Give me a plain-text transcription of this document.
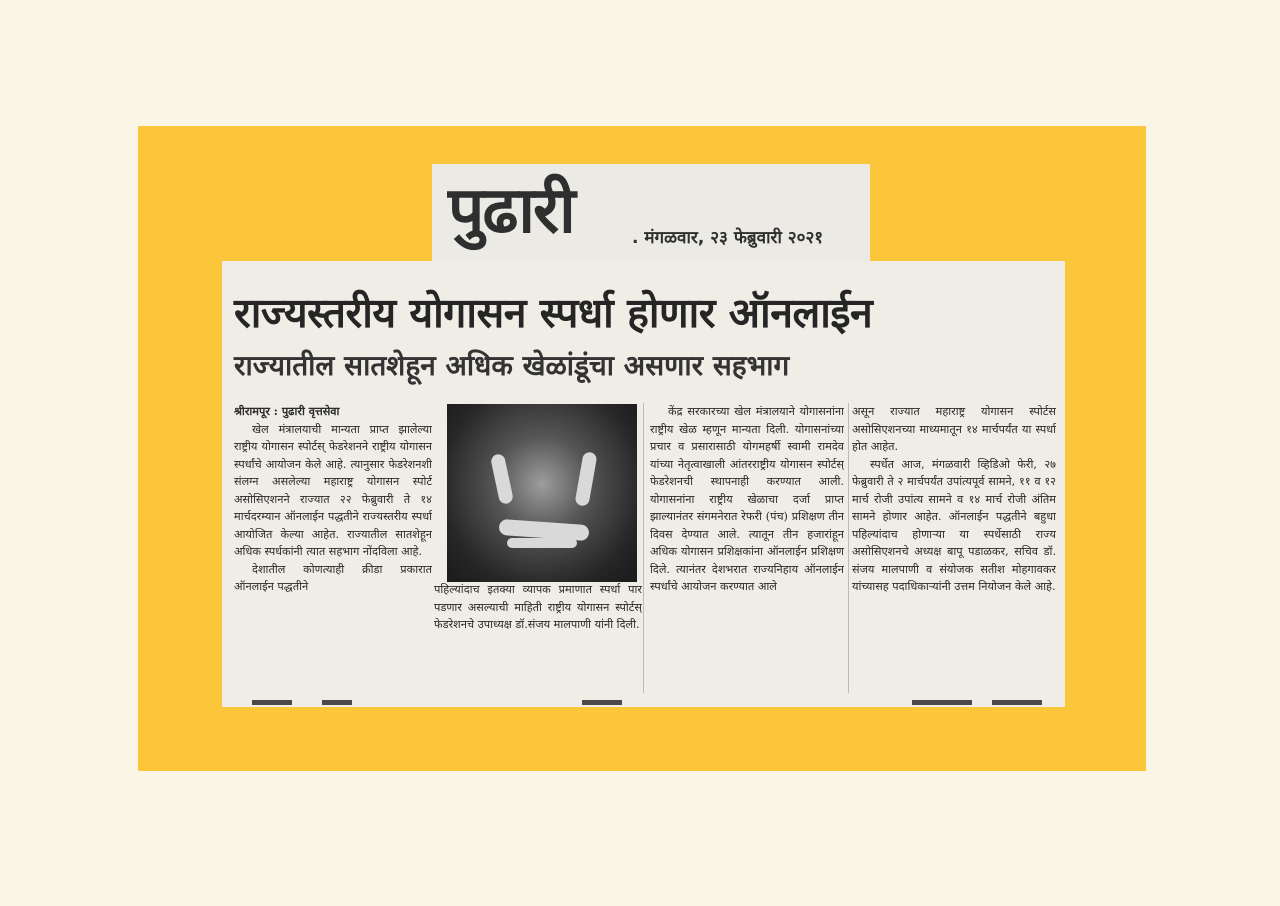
पुढारी	. मंगळवार, २३ फेब्रुवारी २०२१
राज्यस्तरीय योगासन स्पर्धा होणार ऑनलाईन
राज्यातील सातशेहून अधिक खेळांडूंचा असणार सहभाग

श्रीरामपूर : पुढारी वृत्तसेवा

खेल मंत्रालयाची मान्यता प्राप्त झालेल्या राष्ट्रीय योगासन स्पोर्टस् फेडरेशनने राष्ट्रीय योगासन स्पर्धांचे आयोजन केले आहे. त्यानुसार फेडरेशनशी संलग्न असलेल्या महाराष्ट्र योगासन स्पोर्ट असोसिएशनने राज्यात २२ फेब्रुवारी ते १४ मार्चदरम्यान ऑनलाईन पद्धतीने राज्यस्तरीय स्पर्धा आयोजित केल्या आहेत. राज्यातील सातशेहून अधिक स्पर्धकांनी त्यात सहभाग नोंदविला आहे.

देशातील कोणत्याही क्रीडा प्रकारात ऑनलाईन पद्धतीने	पहिल्यांदाच इतक्या व्यापक प्रमाणात स्पर्धा पार पडणार असल्याची माहिती राष्ट्रीय योगासन स्पोर्टस् फेडरेशनचे उपाध्यक्ष डॉ.संजय मालपाणी यांनी दिली.

केंद्र सरकारच्या खेल मंत्रालयाने योगासनांना राष्ट्रीय खेळ म्हणून मान्यता दिली. योगासनांच्या प्रचार व प्रसारासाठी योगमहर्षी स्वामी रामदेव यांच्या नेतृत्वाखाली आंतरराष्ट्रीय योगासन स्पोर्टस् फेडरेशनची स्थापनाही करण्यात आली. योगासनांना राष्ट्रीय खेळाचा दर्जा प्राप्त झाल्यानंतर संगमनेरात रेफरी (पंच) प्रशिक्षण तीन दिवस देण्यात आले. त्यातून तीन हजारांहून अधिक योगासन प्रशिक्षकांना ऑनलाईन प्रशिक्षण दिले. त्यानंतर देशभरात राज्यनिहाय ऑनलाईन स्पर्धांचे आयोजन करण्यात आले

असून राज्यात महाराष्ट्र योगासन स्पोर्टस असोसिएशनच्या माध्यमातून १४ मार्चपर्यंत या स्पर्धा होत आहेत.

स्पर्धेत आज, मंगळवारी व्हिडिओ फेरी, २७ फेब्रुवारी ते २ मार्चपर्यंत उपांत्यपूर्व सामने, ११ व १२ मार्च रोजी उपांत्य सामने व १४ मार्च रोजी अंतिम सामने होणार आहेत. ऑनलाईन पद्धतीने बहुधा पहिल्यांदाच होणाऱ्या या स्पर्धेसाठी राज्य असोसिएशनचे अध्यक्ष बापू पडाळकर, सचिव डॉ. संजय मालपाणी व संयोजक सतीश मोहगावकर यांच्यासह पदाधिकाऱ्यांनी उत्तम नियोजन केले आहे.
